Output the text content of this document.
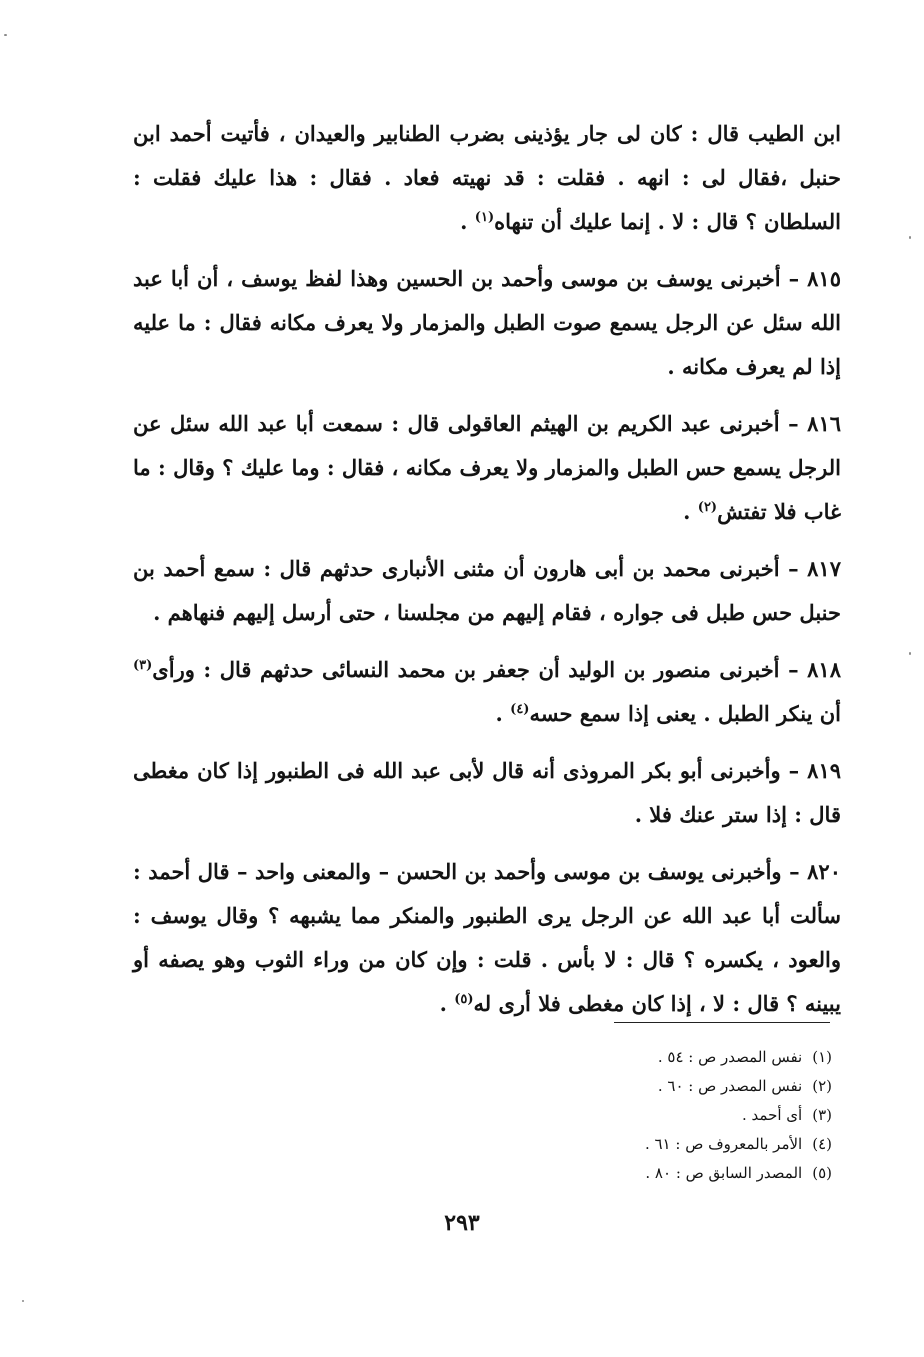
ابن الطيب قال : كان لى جار يؤذينى بضرب الطنابير والعيدان ، فأتيت أحمد ابن حنبل ،فقال لى : انهه . فقلت : قد نهيته فعاد . فقال : هذا عليك فقلت : السلطان ؟ قال : لا . إنما عليك أن تنهاه$^{(١)}$ .

٨١٥ – أخبرنى يوسف بن موسى وأحمد بن الحسين وهذا لفظ يوسف ، أن أبا عبد الله سئل عن الرجل يسمع صوت الطبل والمزمار ولا يعرف مكانه فقال : ما عليه إذا لم يعرف مكانه .

٨١٦ – أخبرنى عبد الكريم بن الهيثم العاقولى قال : سمعت أبا عبد الله سئل عن الرجل يسمع حس الطبل والمزمار ولا يعرف مكانه ، فقال : وما عليك ؟ وقال : ما غاب فلا تفتش$^{(٢)}$ .

٨١٧ – أخبرنى محمد بن أبى هارون أن مثنى الأنبارى حدثهم قال : سمع أحمد بن حنبل حس طبل فى جواره ، فقام إليهم من مجلسنا ، حتى أرسل إليهم فنهاهم .

٨١٨ – أخبرنى منصور بن الوليد أن جعفر بن محمد النسائى حدثهم قال : ورأى$^{(٣)}$ أن ينكر الطبل . يعنى إذا سمع حسه$^{(٤)}$ .

٨١٩ – وأخبرنى أبو بكر المروذى أنه قال لأبى عبد الله فى الطنبور إذا كان مغطى قال : إذا ستر عنك فلا .

٨٢٠ – وأخبرنى يوسف بن موسى وأحمد بن الحسن – والمعنى واحد – قال أحمد : سألت أبا عبد الله عن الرجل يرى الطنبور والمنكر مما يشبهه ؟ وقال يوسف : والعود ، يكسره ؟ قال : لا بأس . قلت : وإن كان من وراء الثوب وهو يصفه أو يبينه ؟ قال : لا ، إذا كان مغطى فلا أرى له$^{(٥)}$ .

(١)نفس المصدر ص : ٥٤ .

(٢)نفس المصدر ص : ٦٠ .

(٣)أى أحمد .

(٤)الأمر بالمعروف ص : ٦١ .

(٥)المصدر السابق ص : ٨٠ .

٢٩٣
